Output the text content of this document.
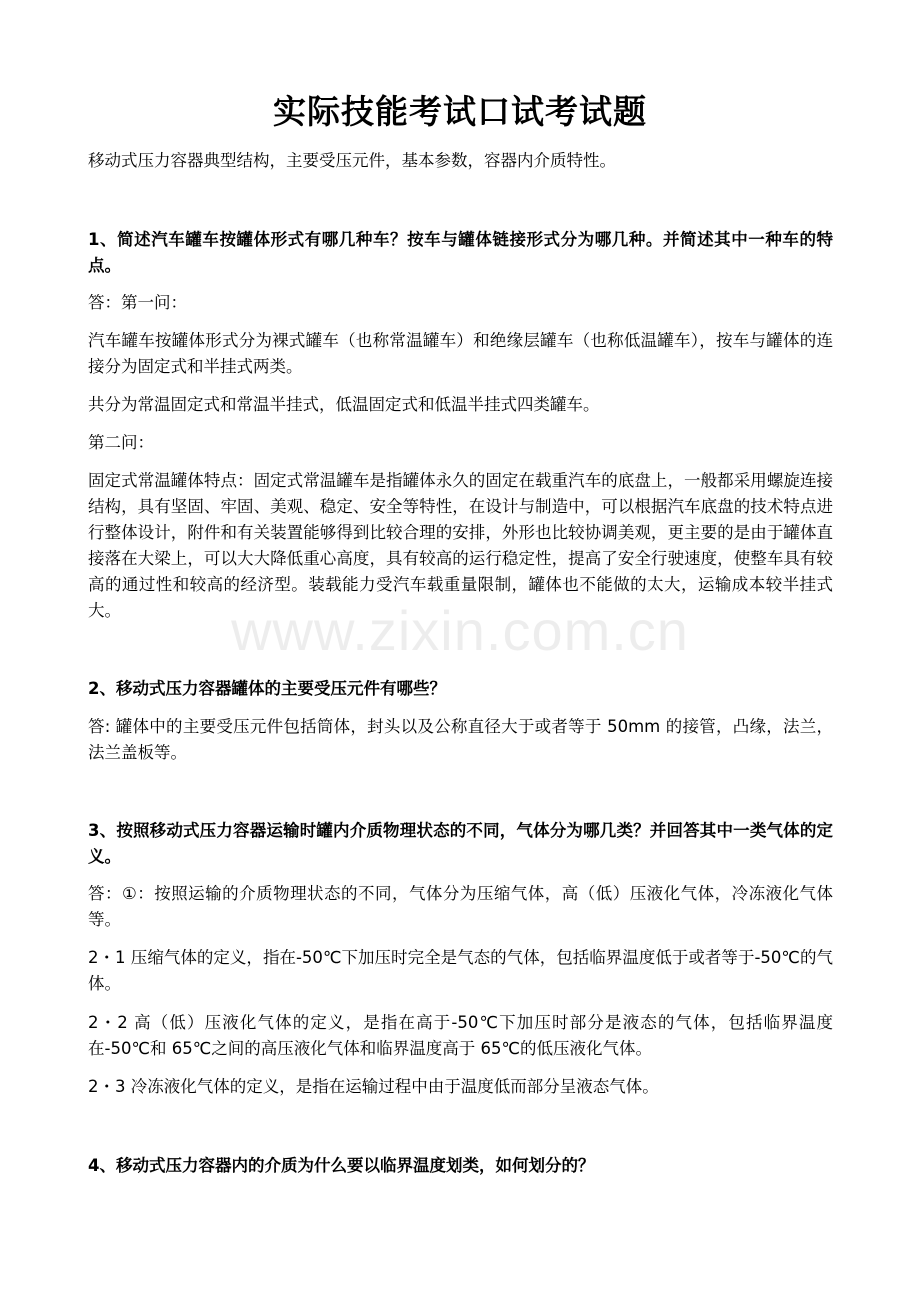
www.zixin.com.cn
实际技能考试口试考试题
移动式压力容器典型结构，主要受压元件，基本参数，容器内介质特性。
1、简述汽车罐车按罐体形式有哪几种车？按车与罐体链接形式分为哪几种。并简述其中一种车的特点。
答：第一问：
汽车罐车按罐体形式分为裸式罐车（也称常温罐车）和绝缘层罐车（也称低温罐车），按车与罐体的连接分为固定式和半挂式两类。
共分为常温固定式和常温半挂式，低温固定式和低温半挂式四类罐车。
第二问：
固定式常温罐体特点：固定式常温罐车是指罐体永久的固定在载重汽车的底盘上，一般都采用螺旋连接结构，具有坚固、牢固、美观、稳定、安全等特性，在设计与制造中，可以根据汽车底盘的技术特点进行整体设计，附件和有关装置能够得到比较合理的安排，外形也比较协调美观，更主要的是由于罐体直接落在大梁上，可以大大降低重心高度，具有较高的运行稳定性，提高了安全行驶速度，使整车具有较高的通过性和较高的经济型。装载能力受汽车载重量限制，罐体也不能做的太大，运输成本较半挂式大。
2、移动式压力容器罐体的主要受压元件有哪些？
答: 罐体中的主要受压元件包括筒体，封头以及公称直径大于或者等于 50mm 的接管，凸缘，法兰，法兰盖板等。
3、按照移动式压力容器运输时罐内介质物理状态的不同，气体分为哪几类？并回答其中一类气体的定义。
答：①：按照运输的介质物理状态的不同，气体分为压缩气体，高（低）压液化气体，冷冻液化气体等。
2・1 压缩气体的定义，指在-50℃下加压时完全是气态的气体，包括临界温度低于或者等于-50℃的气体。
2・2 高（低）压液化气体的定义，是指在高于-50℃下加压时部分是液态的气体，包括临界温度在-50℃和 65℃之间的高压液化气体和临界温度高于 65℃的低压液化气体。
2・3 冷冻液化气体的定义，是指在运输过程中由于温度低而部分呈液态气体。
4、移动式压力容器内的介质为什么要以临界温度划类，如何划分的？
